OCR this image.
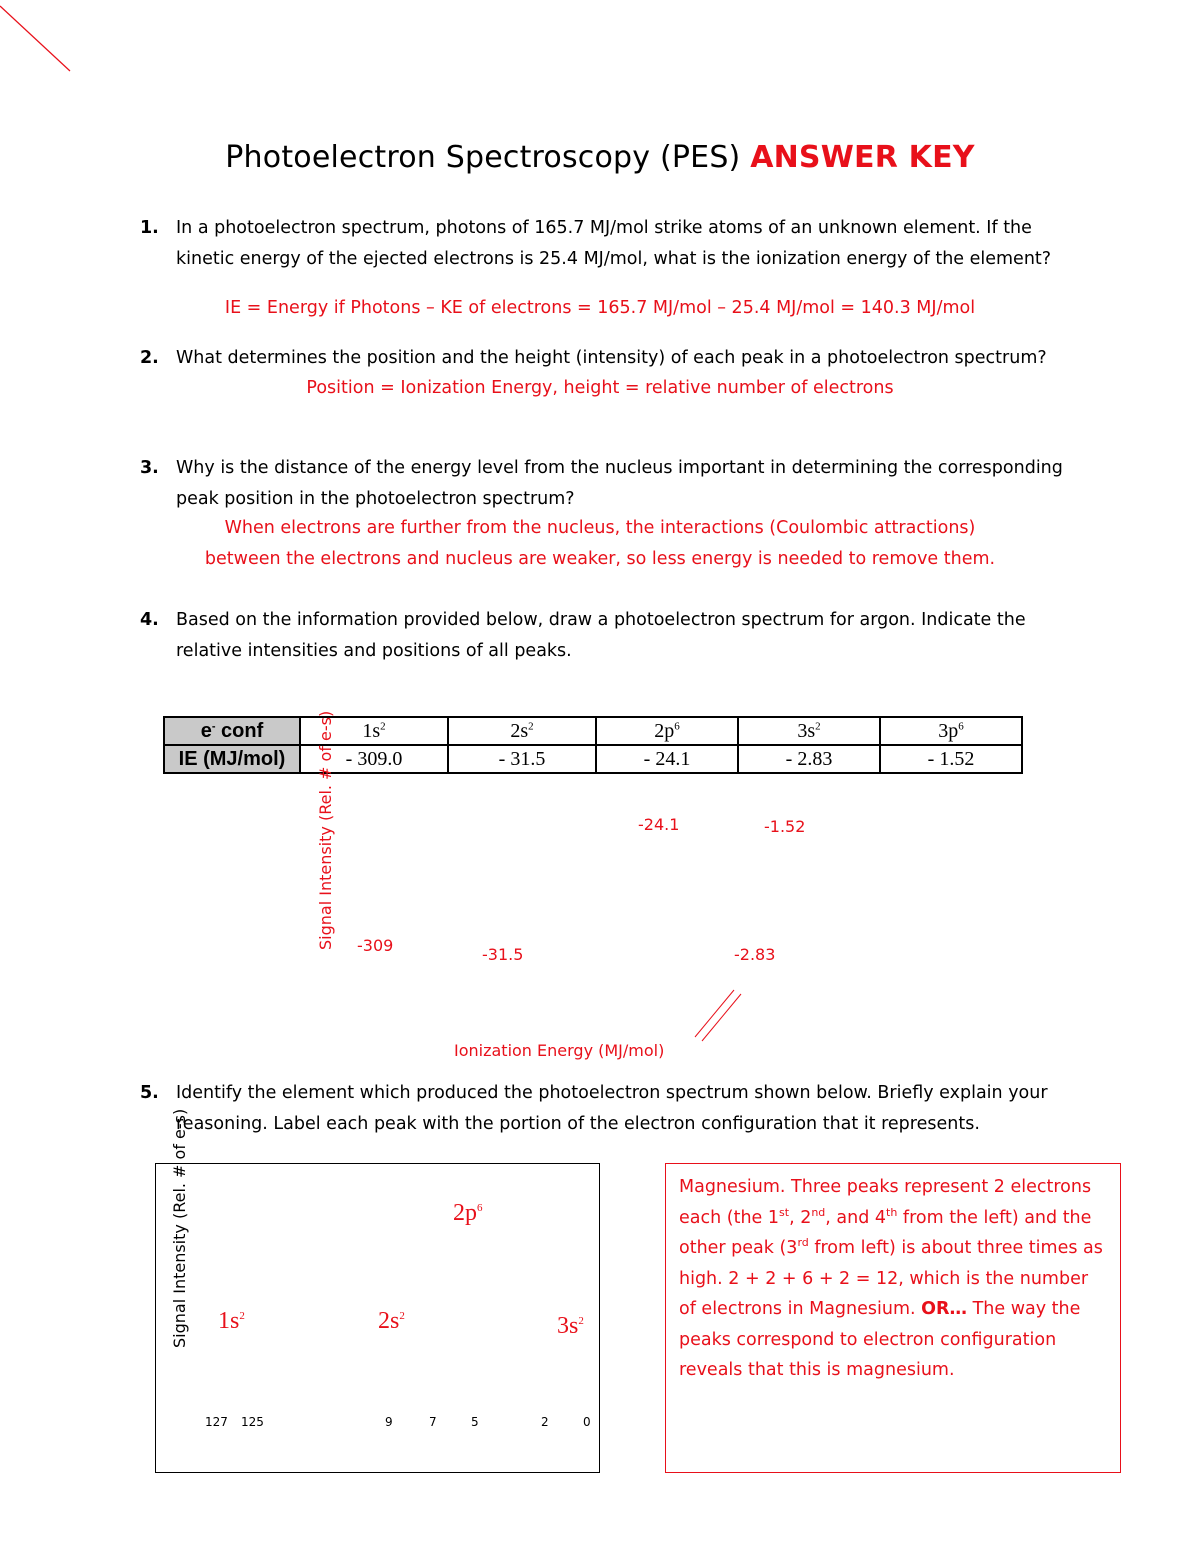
Photoelectron Spectroscopy (PES) ANSWER KEY
1. In a photoelectron spectrum, photons of 165.7 MJ/mol strike atoms of an unknown element. If the kinetic energy of the ejected electrons is 25.4 MJ/mol, what is the ionization energy of the element?
IE = Energy if Photons – KE of electrons = 165.7 MJ/mol – 25.4 MJ/mol = 140.3 MJ/mol
2. What determines the position and the height (intensity) of each peak in a photoelectron spectrum?
Position = Ionization Energy, height = relative number of electrons
3. Why is the distance of the energy level from the nucleus important in determining the corresponding peak position in the photoelectron spectrum?
When electrons are further from the nucleus, the interactions (Coulombic attractions)
between the electrons and nucleus are weaker, so less energy is needed to remove them.
4. Based on the information provided below, draw a photoelectron spectrum for argon. Indicate the relative intensities and positions of all peaks.
e- conf	$1s^2$	$2s^2$	$2p^6$	$3s^2$	$3p^6$
IE (MJ/mol)	- 309.0	- 31.5	- 24.1	- 2.83	- 1.52
Signal Intensity (Rel. # of e-s)	-24.1	-1.52
-309	-31.5	-2.83
Ionization Energy (MJ/mol)
5. Identify the element which produced the photoelectron spectrum shown below. Briefly explain your reasoning. Label each peak with the portion of the electron configuration that it represents.
Signal Intensity (Rel. # of e-s) $1s^2$	$2s^2$
$2p^6$
$3s^2$
127 125	9	7	5	2	0
Magnesium. Three peaks represent 2 electrons each (the 1st, 2nd, and 4th from the left) and the other peak (3rd from left) is about three times as high. 2 + 2 + 6 + 2 = 12, which is the number of electrons in Magnesium. OR… The way the peaks correspond to electron configuration reveals that this is magnesium.
